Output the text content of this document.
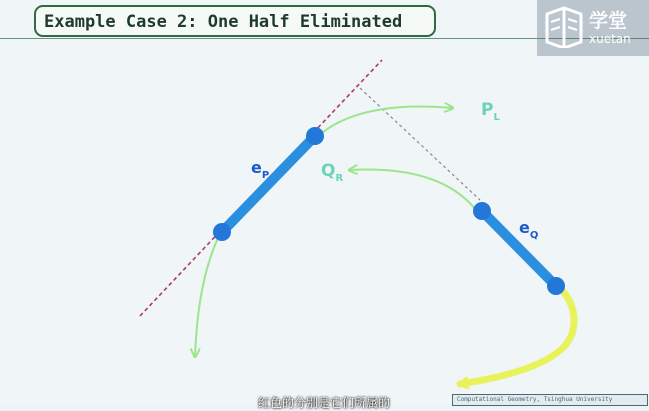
Example Case 2: One Half Eliminated	学堂
xuetan
$P_L$
$Q_R$
$e_P$
$e_Q$
红色的分别是它们所属的	Computational Geometry, Tsinghua University
